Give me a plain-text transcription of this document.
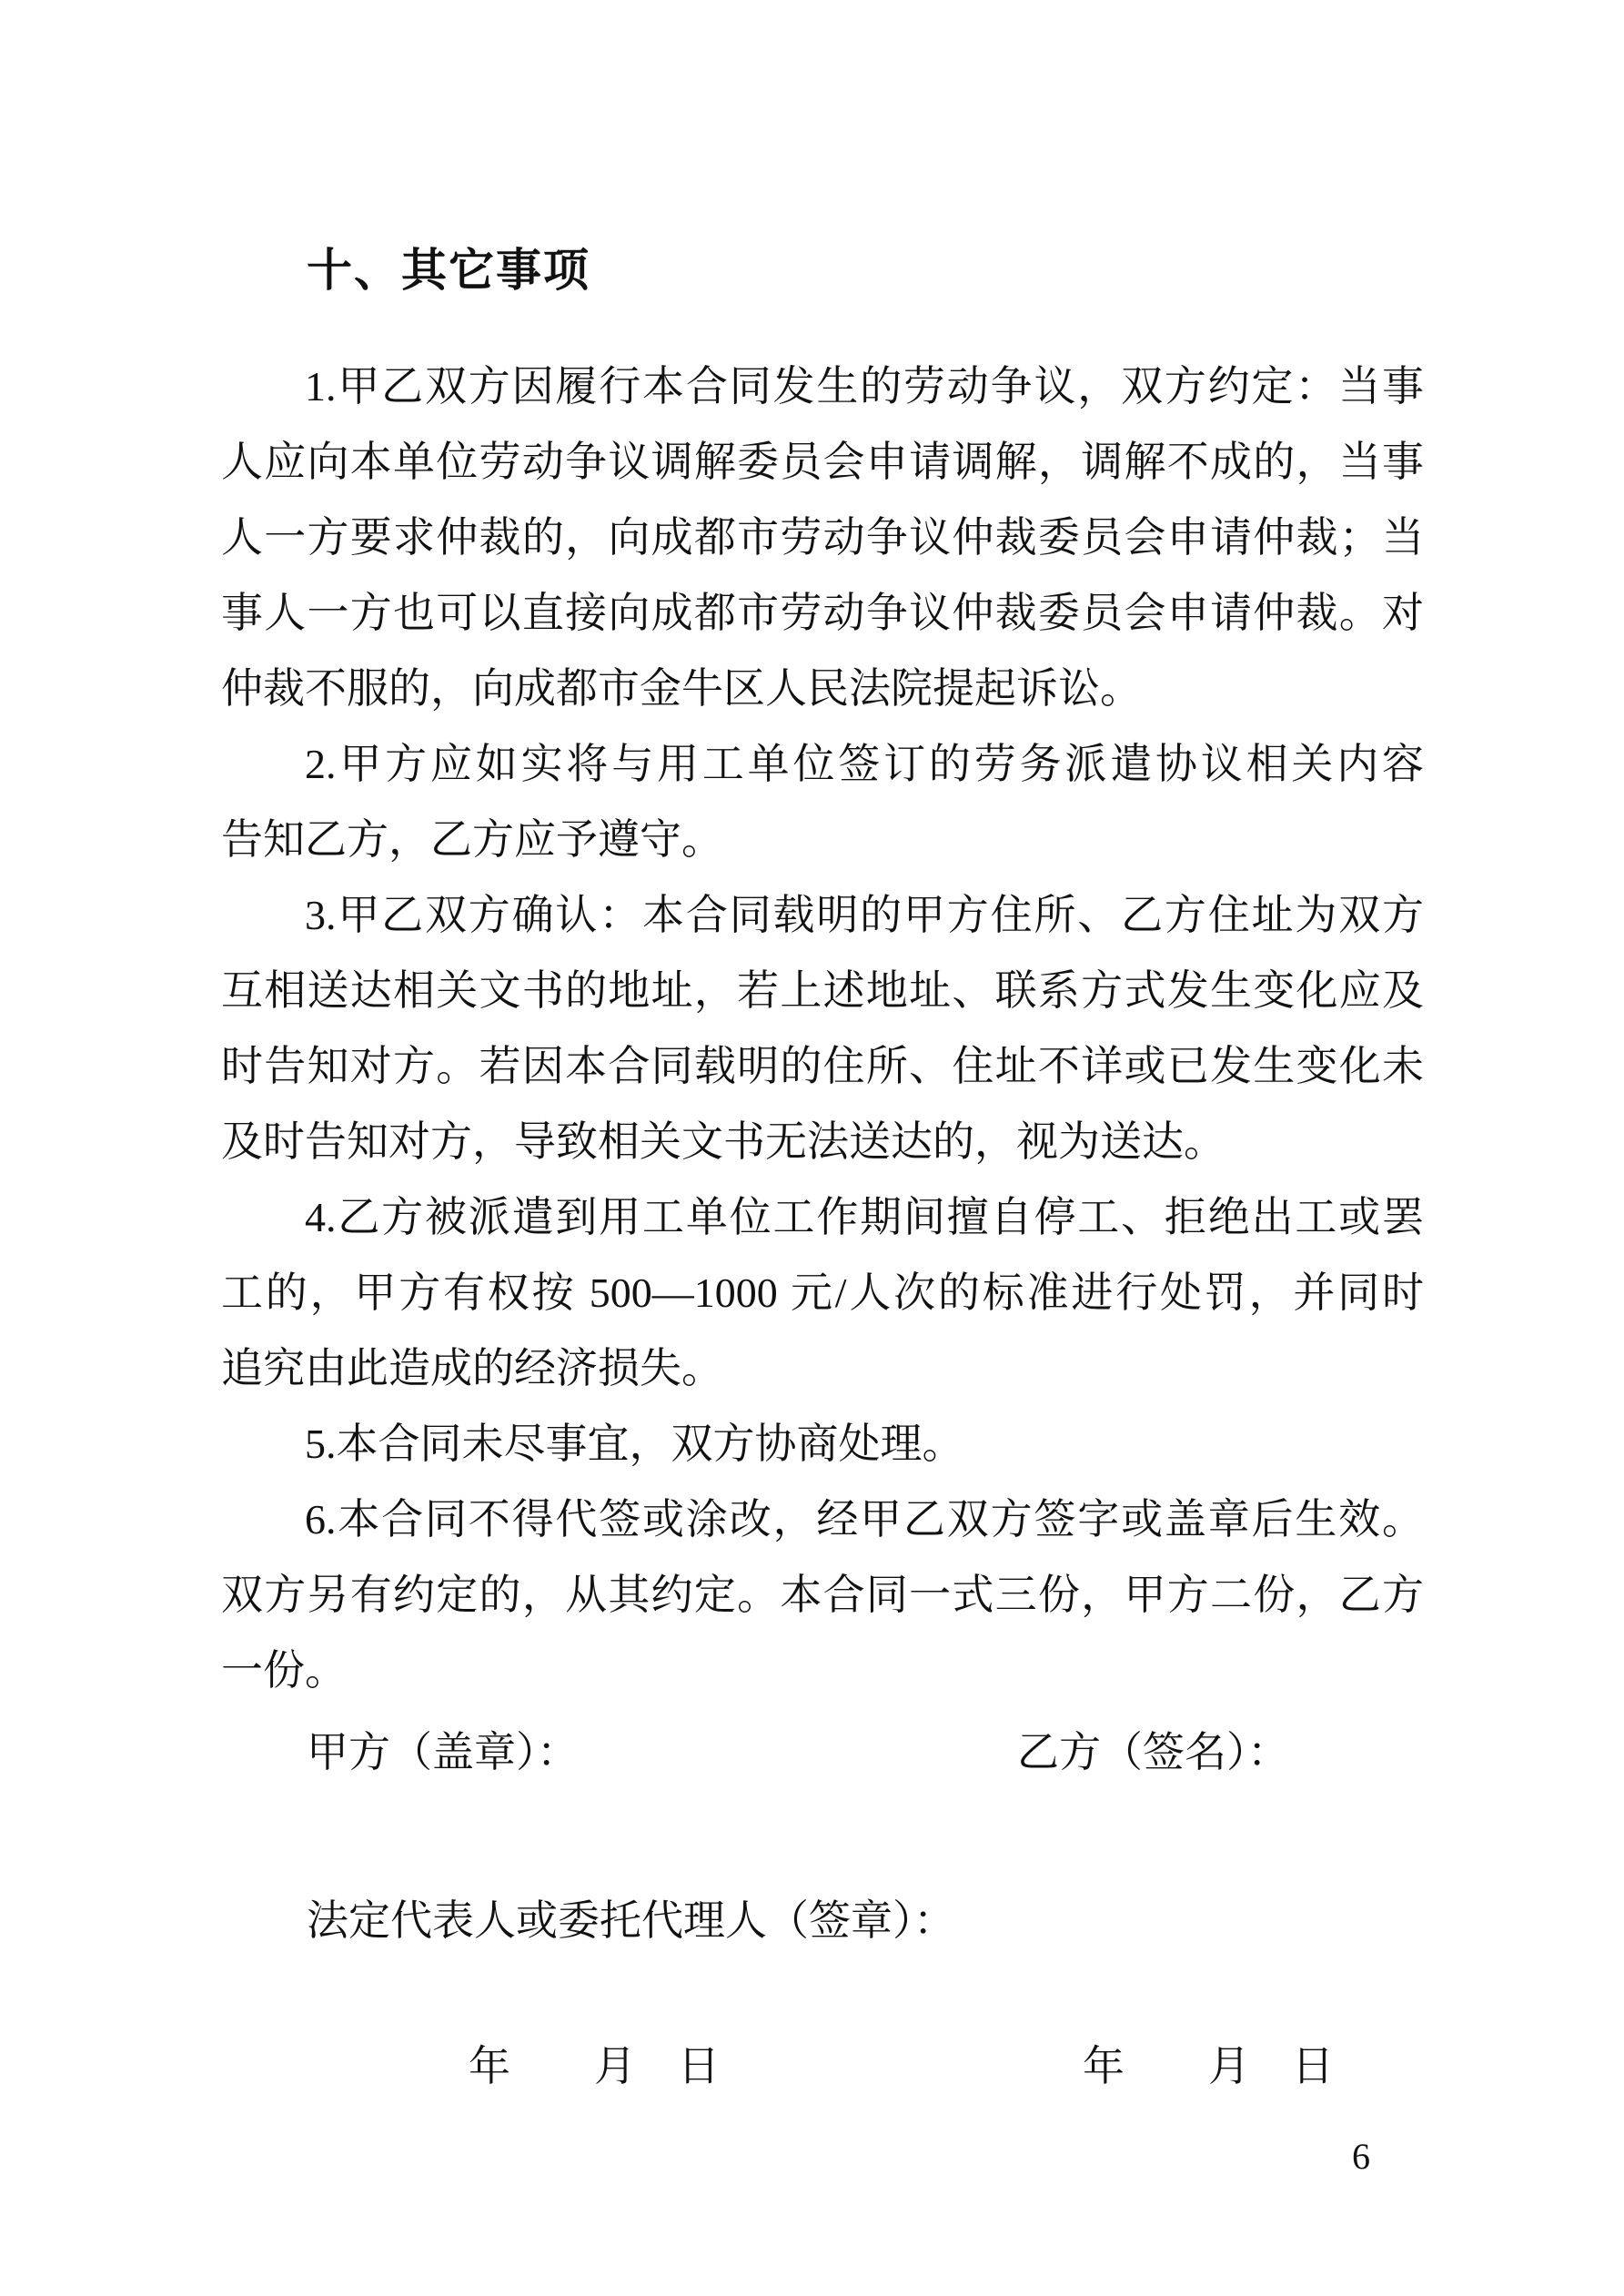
十、其它事项
1.甲乙双方因履行本合同发生的劳动争议，双方约定：当事
人应向本单位劳动争议调解委员会申请调解，调解不成的，当事
人一方要求仲裁的，向成都市劳动争议仲裁委员会申请仲裁；当
事人一方也可以直接向成都市劳动争议仲裁委员会申请仲裁。对
仲裁不服的，向成都市金牛区人民法院提起诉讼。
2.甲方应如实将与用工单位签订的劳务派遣协议相关内容
告知乙方，乙方应予遵守。
3.甲乙双方确认：本合同载明的甲方住所、乙方住址为双方
互相送达相关文书的地址，若上述地址、联系方式发生变化应及
时告知对方。若因本合同载明的住所、住址不详或已发生变化未
及时告知对方，导致相关文书无法送达的，视为送达。
4.乙方被派遣到用工单位工作期间擅自停工、拒绝出工或罢
工的，甲方有权按 500—1000 元/人次的标准进行处罚，并同时
追究由此造成的经济损失。
5.本合同未尽事宜，双方协商处理。
6.本合同不得代签或涂改，经甲乙双方签字或盖章后生效。
双方另有约定的，从其约定。本合同一式三份，甲方二份，乙方
一份。
甲方（盖章）：	乙方（签名）：
法定代表人或委托代理人（签章）：
年　　月　日	年　　月　日
6
